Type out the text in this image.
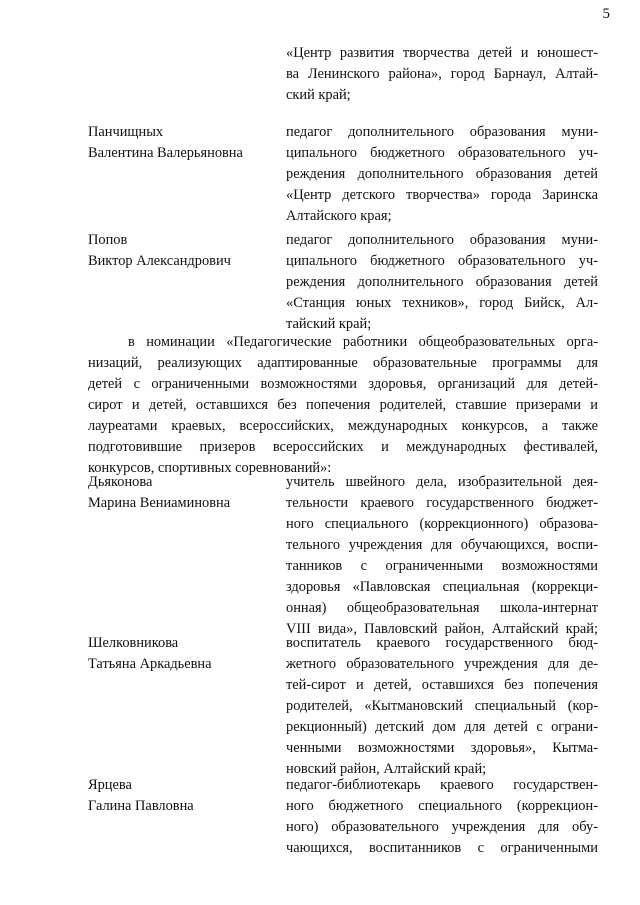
5
«Центр развития творчества детей и юношест-
ва Ленинского района», город Барнаул, Алтай-
ский край;
Панчищных
Валентина Валерьяновна
педагог дополнительного образования муни-
ципального бюджетного образовательного уч-
реждения дополнительного образования детей
«Центр детского творчества» города Заринска
Алтайского края;
Попов
Виктор Александрович
педагог дополнительного образования муни-
ципального бюджетного образовательного уч-
реждения дополнительного образования детей
«Станция юных техников», город Бийск, Ал-
тайский край;
в номинации «Педагогические работники общеобразовательных орга-
низаций, реализующих адаптированные образовательные программы для
детей с ограниченными возможностями здоровья, организаций для детей-
сирот и детей, оставшихся без попечения родителей, ставшие призерами и
лауреатами краевых, всероссийских, международных конкурсов, а также
подготовившие призеров всероссийских и международных фестивалей,
конкурсов, спортивных соревнований»:
Дьяконова
Марина Вениаминовна
учитель швейного дела, изобразительной дея-
тельности краевого государственного бюджет-
ного специального (коррекционного) образова-
тельного учреждения для обучающихся, воспи-
танников с ограниченными возможностями
здоровья «Павловская специальная (коррекци-
онная) общеобразовательная школа-интернат
VIII вида», Павловский район, Алтайский край;
Шелковникова
Татьяна Аркадьевна
воспитатель краевого государственного бюд-
жетного образовательного учреждения для де-
тей-сирот и детей, оставшихся без попечения
родителей, «Кытмановский специальный (кор-
рекционный) детский дом для детей с ограни-
ченными возможностями здоровья», Кытма-
новский район, Алтайский край;
Ярцева
Галина Павловна
педагог-библиотекарь краевого государствен-
ного бюджетного специального (коррекцион-
ного) образовательного учреждения для обу-
чающихся, воспитанников с ограниченными
